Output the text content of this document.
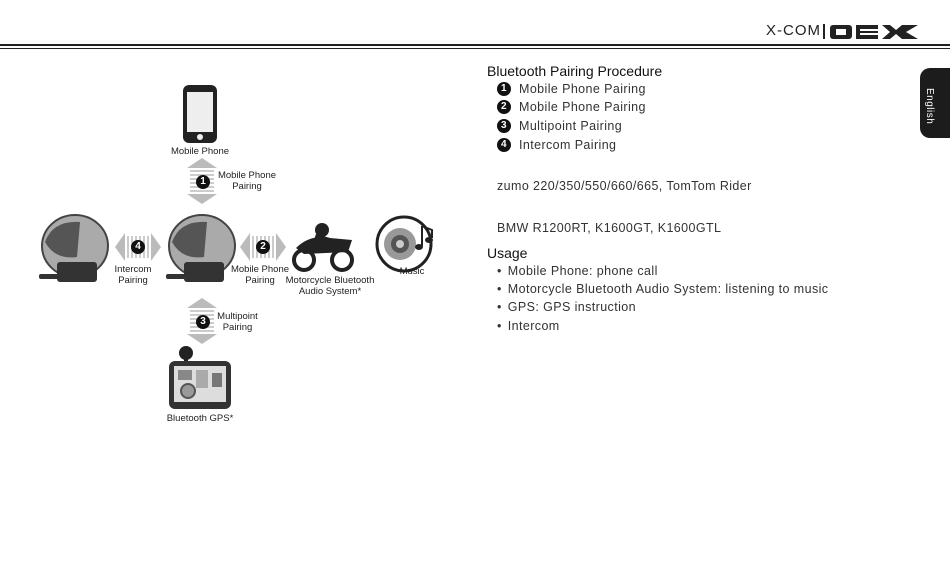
X-COM
English
Mobile Phone
1
Mobile Phone
Pairing
4
Intercom
Pairing
2
Mobile Phone
Pairing	Motorcycle Bluetooth
Audio System*
Music
3	Multipoint
Pairing
Bluetooth GPS*
Bluetooth Pairing Procedure
1 Mobile Phone Pairing
2 Mobile Phone Pairing
3 Multipoint Pairing
4 Intercom Pairing
zumo 220/350/550/660/665, TomTom Rider
BMW R1200RT, K1600GT, K1600GTL
Usage
• Mobile Phone: phone call
• Motorcycle Bluetooth Audio System: listening to music
• GPS: GPS instruction
• Intercom
